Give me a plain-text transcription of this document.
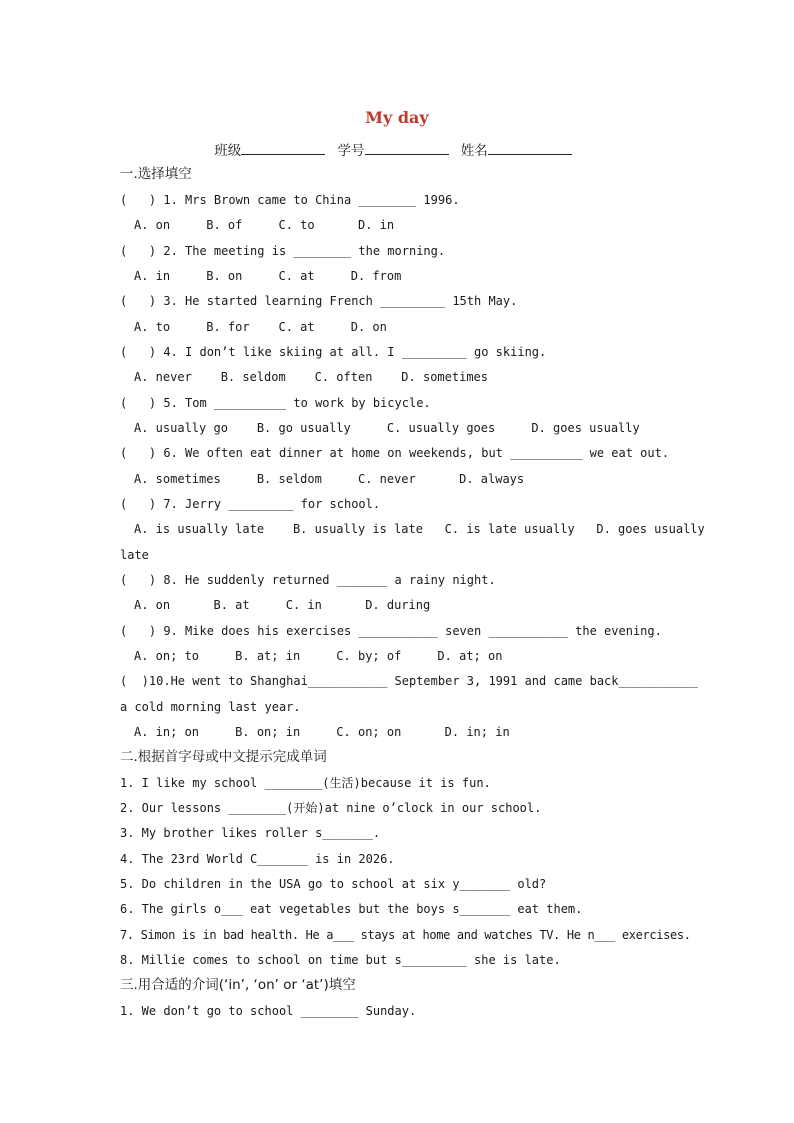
My day
班级	学号	姓名
一.选择填空
(   ) 1. Mrs Brown came to China ________ 1996.
A. on     B. of     C. to      D. in
(   ) 2. The meeting is ________ the morning.
A. in     B. on     C. at     D. from
(   ) 3. He started learning French _________ 15th May.
A. to     B. for    C. at     D. on
(   ) 4. I don’t like skiing at all. I _________ go skiing.
A. never    B. seldom    C. often    D. sometimes
(   ) 5. Tom __________ to work by bicycle.
A. usually go    B. go usually     C. usually goes     D. goes usually
(   ) 6. We often eat dinner at home on weekends, but __________ we eat out.
A. sometimes     B. seldom     C. never      D. always
(   ) 7. Jerry _________ for school.
A. is usually late    B. usually is late   C. is late usually   D. goes usually
late
(   ) 8. He suddenly returned _______ a rainy night.
A. on      B. at     C. in      D. during
(   ) 9. Mike does his exercises ___________ seven ___________ the evening.
A. on; to     B. at; in     C. by; of     D. at; on
(  )10.He went to Shanghai___________ September 3, 1991 and came back___________
a cold morning last year.
A. in; on     B. on; in     C. on; on      D. in; in
二.根据首字母或中文提示完成单词
1. I like my school ________(生活)because it is fun.
2. Our lessons ________(开始)at nine o’clock in our school.
3. My brother likes roller s_______.
4. The 23rd World C_______ is in 2026.
5. Do children in the USA go to school at six y_______ old?
6. The girls o___ eat vegetables but the boys s_______ eat them.
7. Simon is in bad health. He a___ stays at home and watches TV. He n___ exercises.
8. Millie comes to school on time but s_________ she is late.
三.用合适的介词(‘in’, ‘on’ or ‘at’)填空
1. We don’t go to school ________ Sunday.
